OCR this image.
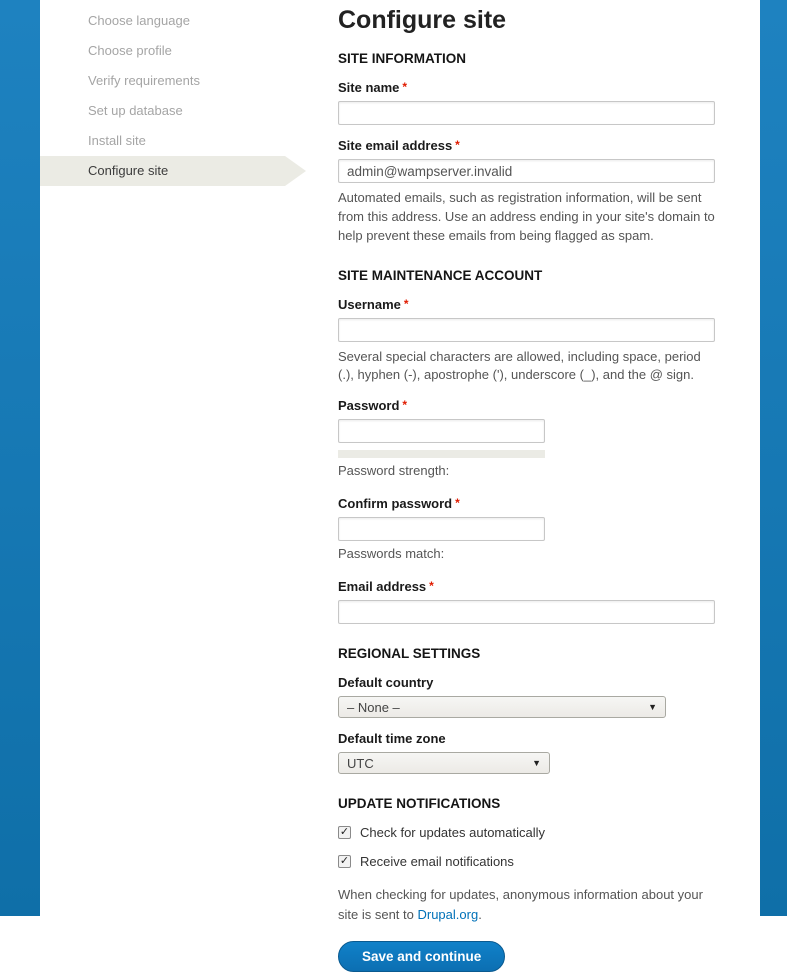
Choose language
Choose profile
Verify requirements
Set up database
Install site
Configure site
Configure site
SITE INFORMATION
Site name *
Site email address *
admin@wampserver.invalid
Automated emails, such as registration information, will be sent from this address. Use an address ending in your site's domain to help prevent these emails from being flagged as spam.
SITE MAINTENANCE ACCOUNT
Username *
Several special characters are allowed, including space, period (.), hyphen (-), apostrophe ('), underscore (_), and the @ sign.
Password *
Password strength:
Confirm password *
Passwords match:
Email address *
REGIONAL SETTINGS
Default country
– None –	▼
Default time zone
UTC	▼
UPDATE NOTIFICATIONS
✓ Check for updates automatically
✓ Receive email notifications
When checking for updates, anonymous information about your site is sent to Drupal.org.
Save and continue
